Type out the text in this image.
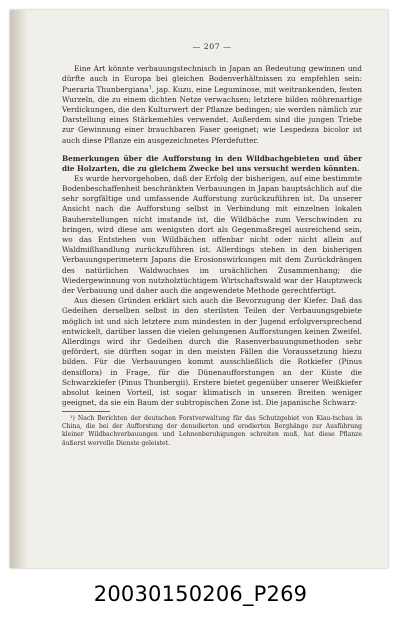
— 207 —

Eine Art könnte verbauungstechnisch in Japan an Bedeutung gewinnen und dürfte auch in Europa bei gleichen Bodenverhältnissen zu empfehlen sein: Pueraria Thunbergiana$^1$, jap. Kuzu, eine Leguminose, mit weitrankenden, festen Wurzeln, die zu einem dichten Netze verwachsen; letztere bilden möhrenartige Verdickungen, die den Kulturwert der Pflanze bedingen; sie werden nämlich zur Darstellung eines Stärkemehles verwendet. Außerdem sind die jungen Triebe zur Gewinnung einer brauchbaren Faser geeignet; wie Lespedeza bicolor ist auch diese Pflanze ein ausgezeichnetes Pferdefutter.

Bemerkungen über die Aufforstung in den Wildbachgebieten und über die Holzarten, die zu gleichem Zwecke bei uns versucht werden könnten.

Es wurde hervorgehoben, daß der Erfolg der bisherigen, auf eine bestimmte Bodenbeschaffenheit beschränkten Verbauungen in Japan hauptsächlich auf die sehr sorgfältige und umfassende Aufforstung zurückzuführen ist. Da unserer Ansicht nach die Aufforstung selbst in Verbindung mit einzelnen lokalen Bauherstellungen nicht imstande ist, die Wildbäche zum Verschwinden zu bringen, wird diese am wenigsten dort als Gegenmaßregel ausreichend sein, wo das Entstehen von Wildbächen offenbar nicht oder nicht allein auf Waldmißhandlung zurückzuführen ist. Allerdings stehen in den bisherigen Verbauungsperimetern Japans die Erosionswirkungen mit dem Zurückdrängen des natürlichen Waldwuchses im ursächlichen Zusammenhang; die Wiedergewinnung von nutzholztüchtigem Wirtschaftswald war der Hauptzweck der Verbauung und daher auch die angewendete Methode gerechtfertigt.

Aus diesen Gründen erklärt sich auch die Bevorzugung der Kiefer. Daß das Gedeihen derselben selbst in den sterilsten Teilen der Verbauungsgebiete möglich ist und sich letztere zum mindesten in der Jugend erfolgversprechend entwickelt, darüber lassen die vielen gelungenen Aufforstungen keinen Zweifel. Allerdings wird ihr Gedeihen durch die Rasenverbauungsmethoden sehr gefördert, sie dürften sogar in den meisten Fällen die Voraussetzung hiezu bilden. Für die Verbauungen kommt ausschließlich die Rotkiefer (Pinus densiflora) in Frage, für die Dünenaufforstungen an der Küste die Schwarzkiefer (Pinus Thunbergii). Erstere bietet gegenüber unserer Weißkiefer absolut keinen Vorteil, ist sogar klimatisch in unseren Breiten weniger geeignet, da sie ein Baum der subtropischen Zone ist. Die japanische Schwarz-

¹) Nach Berichten der deutschen Forstverwaltung für das Schutzgebiet von Kiau-tschau in China, die bei der Aufforstung der denudierten und erodierten Berghänge zur Ausführung kleiner Wildbachverbauungen und Lehnenberuhigungen schreiten muß, hat diese Pflanze äußerst wervolle Dienste geleistet.

20030150206_P269
